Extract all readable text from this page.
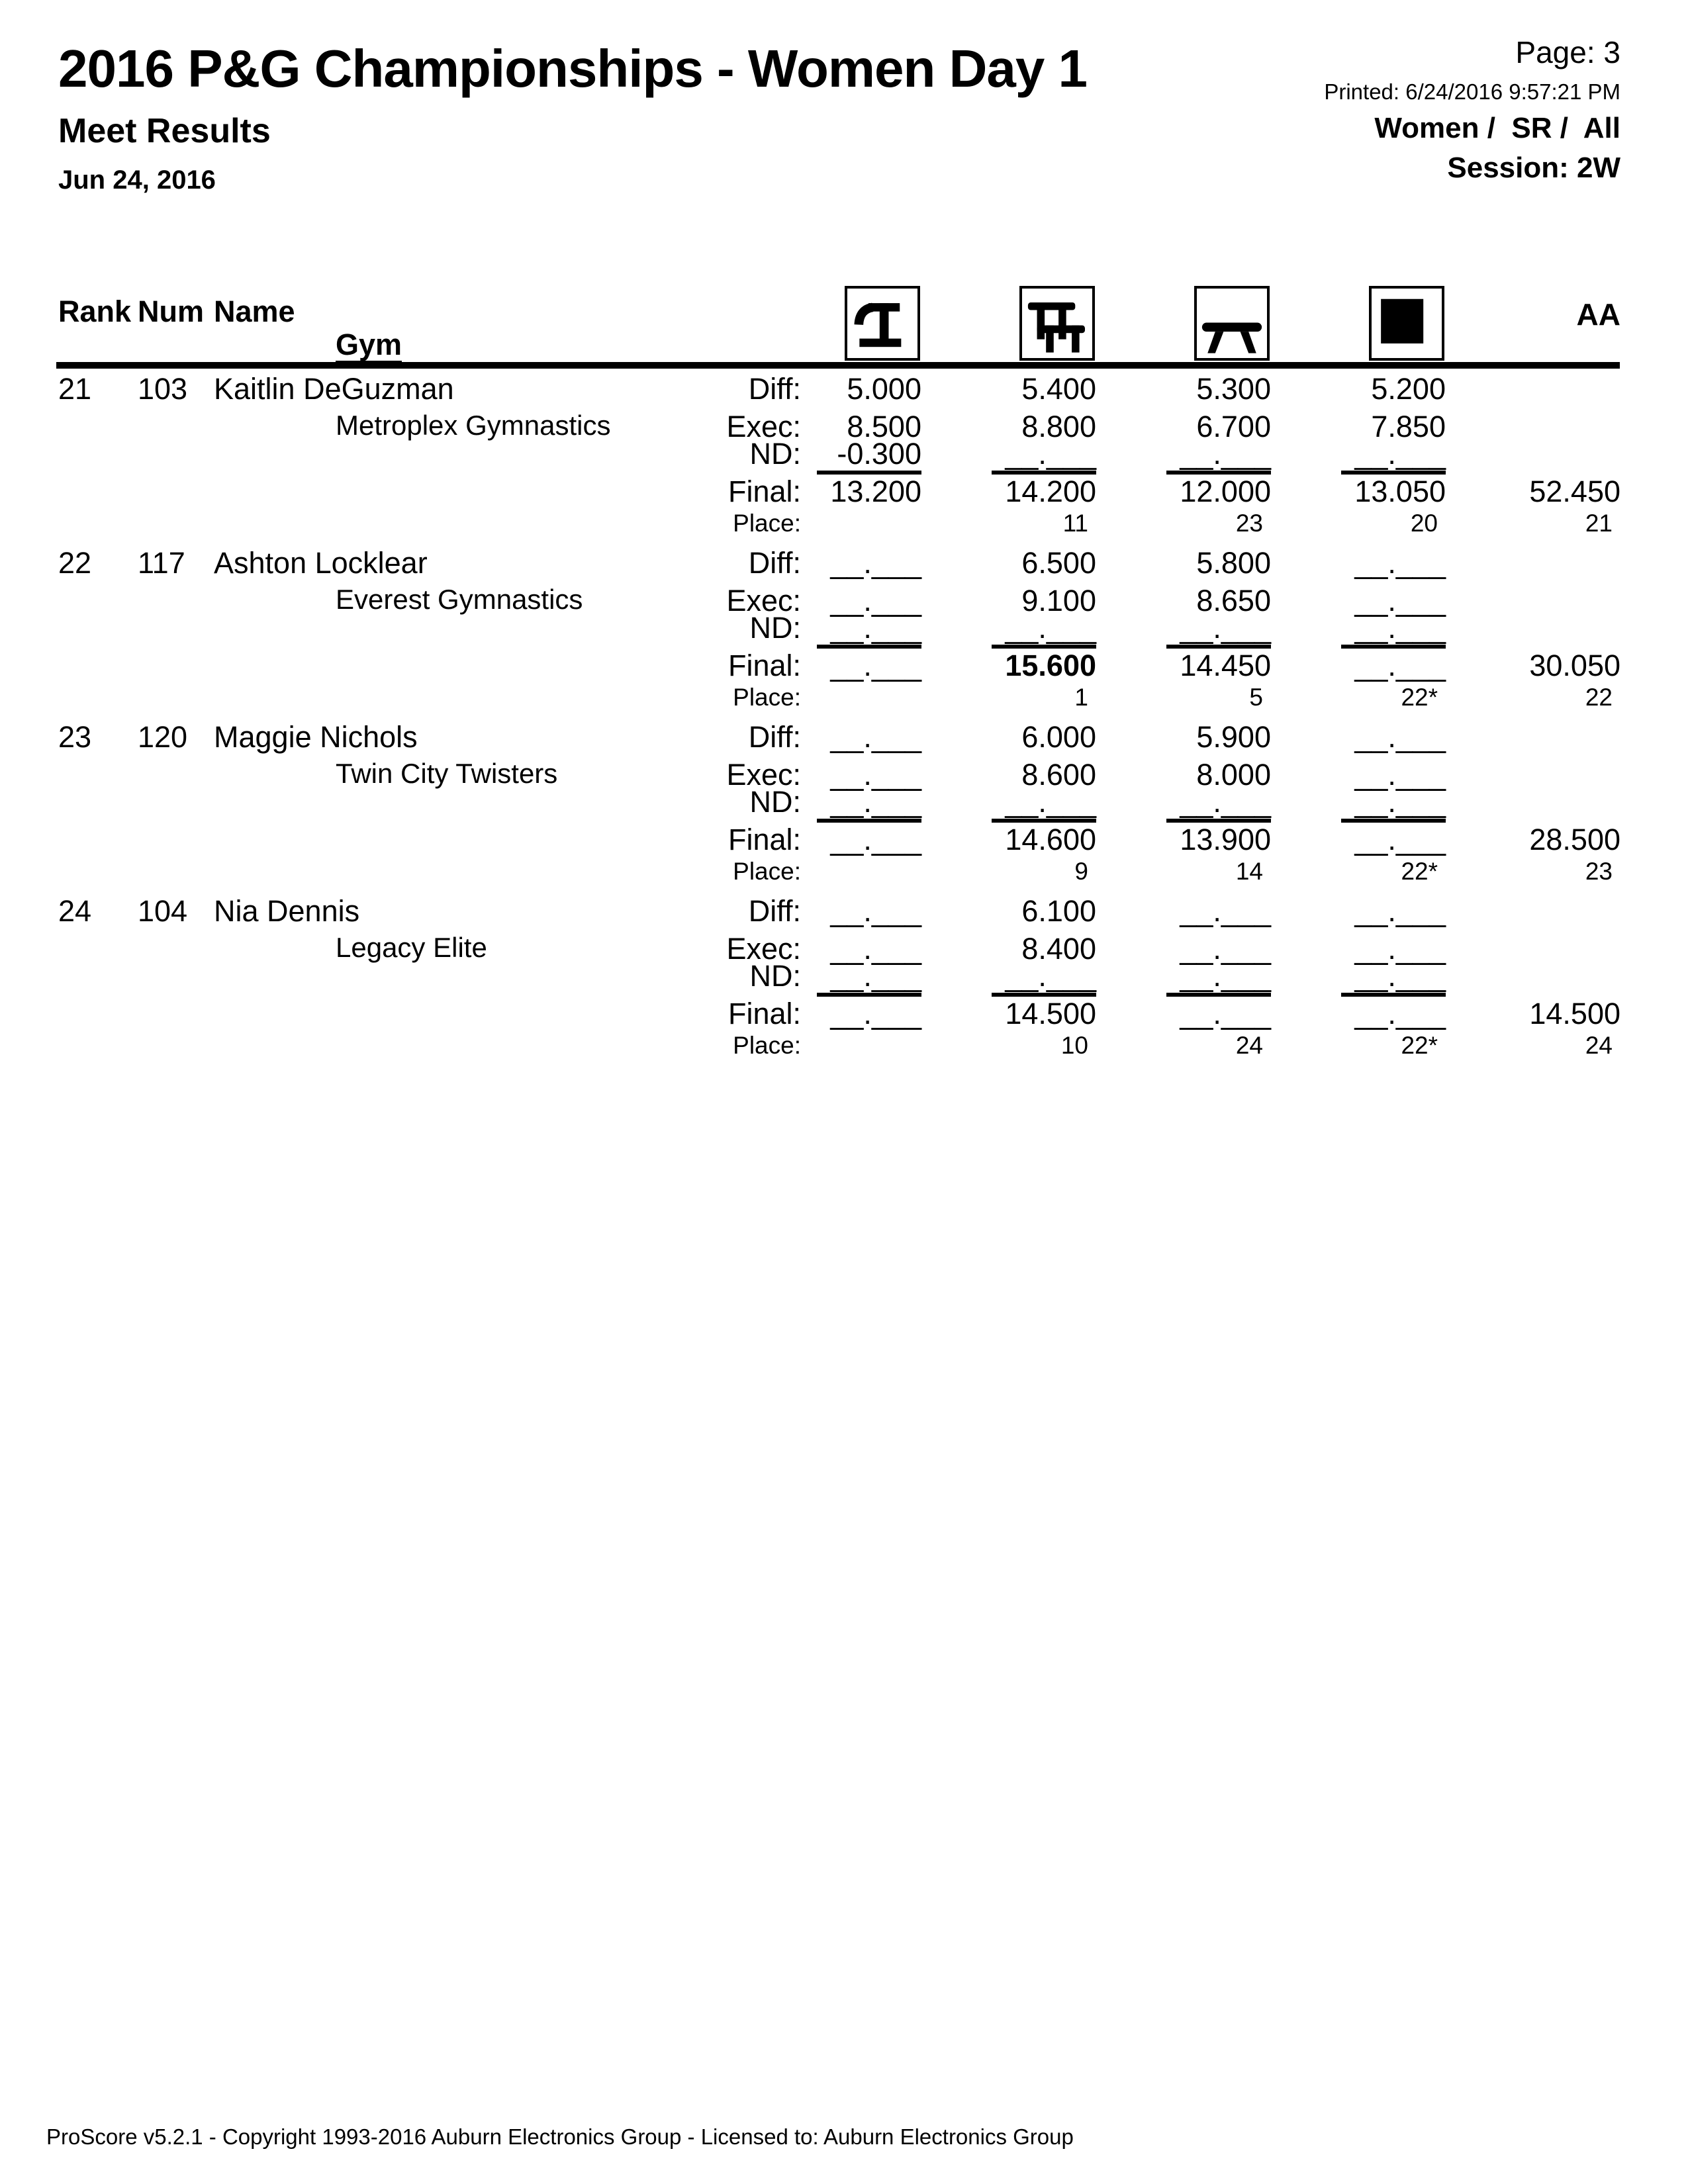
2016 P&G Championships - Women Day 1
Meet Results
Jun 24, 2016
Page: 3
Printed: 6/24/2016 9:57:21 PM
Women /  SR /  All
Session: 2W
Rank Num Name
Gym
AA
21 103 Kaitlin DeGuzman
Metroplex Gymnastics
Diff:
Exec:
ND:
Final:
Place:
5.000
8.500
-0.300
13.200
5.400
8.800
__.___
14.200
11
5.300
6.700
__.___
12.000
23
5.200
7.850
__.___
13.050
20
52.450
21
22 117 Ashton Locklear
Everest Gymnastics
Diff:
Exec:
ND:
Final:
Place:
__.___
__.___
__.___
__.___
6.500
9.100
__.___
15.600
1
5.800
8.650
__.___
14.450
5
__.___
__.___
__.___
__.___
22*
30.050
22
23 120 Maggie Nichols
Twin City Twisters
Diff:
Exec:
ND:
Final:
Place:
__.___
__.___
__.___
__.___
6.000
8.600
__.___
14.600
9
5.900
8.000
__.___
13.900
14
__.___
__.___
__.___
__.___
22*
28.500
23
24 104 Nia Dennis
Legacy Elite
Diff:
Exec:
ND:
Final:
Place:
__.___
__.___
__.___
__.___
6.100
8.400
__.___
14.500
10
__.___
__.___
__.___
__.___
24
__.___
__.___
__.___
__.___
22*
14.500
24
ProScore v5.2.1 - Copyright 1993-2016 Auburn Electronics Group - Licensed to: Auburn Electronics Group
